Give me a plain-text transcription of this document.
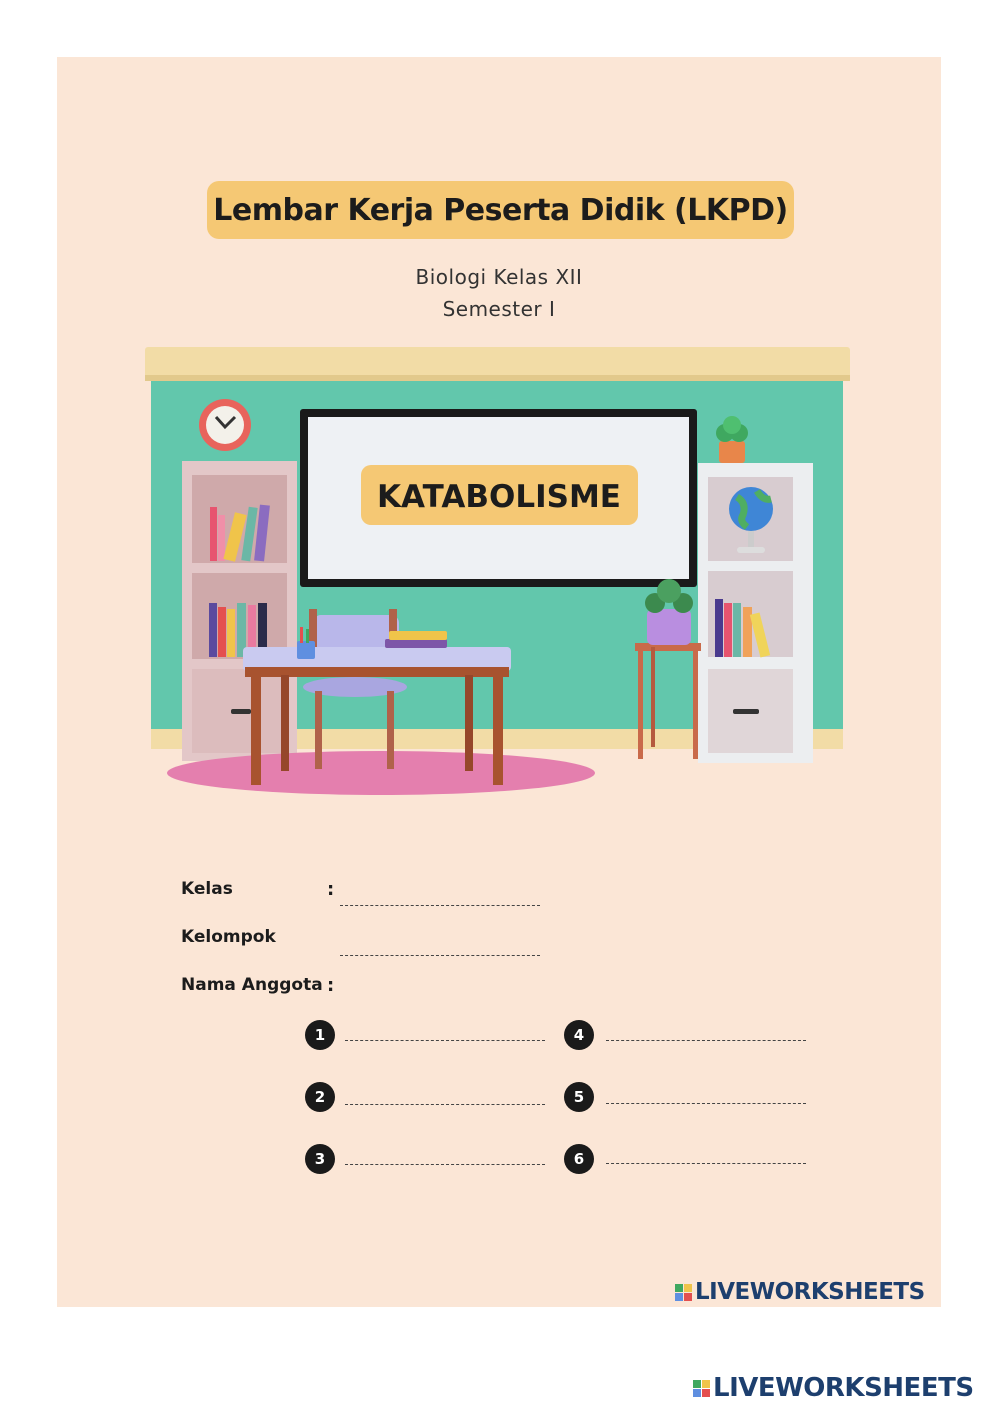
Lembar Kerja Peserta Didik (LKPD)
Biologi Kelas XII
Semester I
KATABOLISME
Kelas	:
Kelompok
Nama Anggota :
1
2
3
4
5
6
LIVEWORKSHEETS
LIVEWORKSHEETS
